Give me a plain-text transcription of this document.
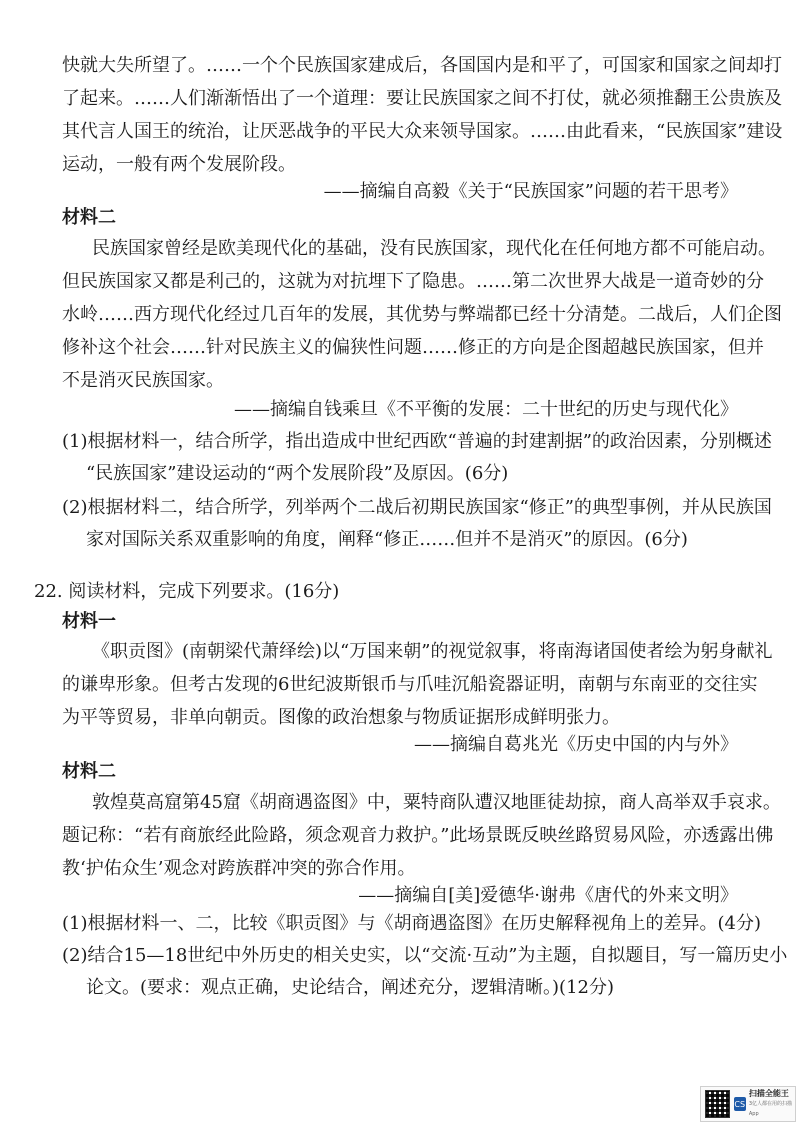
快就大失所望了。……一个个民族国家建成后，各国国内是和平了，可国家和国家之间却打
了起来。……人们渐渐悟出了一个道理：要让民族国家之间不打仗，就必须推翻王公贵族及
其代言人国王的统治，让厌恶战争的平民大众来领导国家。……由此看来，“民族国家”建设
运动，一般有两个发展阶段。
——摘编自高毅《关于“民族国家”问题的若干思考》
材料二
民族国家曾经是欧美现代化的基础，没有民族国家，现代化在任何地方都不可能启动。
但民族国家又都是利己的，这就为对抗埋下了隐患。……第二次世界大战是一道奇妙的分
水岭……西方现代化经过几百年的发展，其优势与弊端都已经十分清楚。二战后，人们企图
修补这个社会……针对民族主义的偏狭性问题……修正的方向是企图超越民族国家，但并
不是消灭民族国家。
——摘编自钱乘旦《不平衡的发展：二十世纪的历史与现代化》
(1)根据材料一，结合所学，指出造成中世纪西欧“普遍的封建割据”的政治因素，分别概述
“民族国家”建设运动的“两个发展阶段”及原因。(6分)
(2)根据材料二，结合所学，列举两个二战后初期民族国家“修正”的典型事例，并从民族国
家对国际关系双重影响的角度，阐释“修正……但并不是消灭”的原因。(6分)
22. 阅读材料，完成下列要求。(16分)
材料一
《职贡图》(南朝梁代萧绎绘)以“万国来朝”的视觉叙事，将南海诸国使者绘为躬身献礼
的谦卑形象。但考古发现的6世纪波斯银币与爪哇沉船瓷器证明，南朝与东南亚的交往实
为平等贸易，非单向朝贡。图像的政治想象与物质证据形成鲜明张力。
——摘编自葛兆光《历史中国的内与外》
材料二
敦煌莫高窟第45窟《胡商遇盗图》中，粟特商队遭汉地匪徒劫掠，商人高举双手哀求。
题记称：“若有商旅经此险路，须念观音力救护。”此场景既反映丝路贸易风险，亦透露出佛
教‘护佑众生’观念对跨族群冲突的弥合作用。
——摘编自[美]爱德华·谢弗《唐代的外来文明》
(1)根据材料一、二，比较《职贡图》与《胡商遇盗图》在历史解释视角上的差异。(4分)
(2)结合15—18世纪中外历史的相关史实，以“交流·互动”为主题，自拟题目，写一篇历史小
论文。(要求：观点正确，史论结合，阐述充分，逻辑清晰。)(12分)
CS
扫描全能王
3亿人都在用的扫描App
